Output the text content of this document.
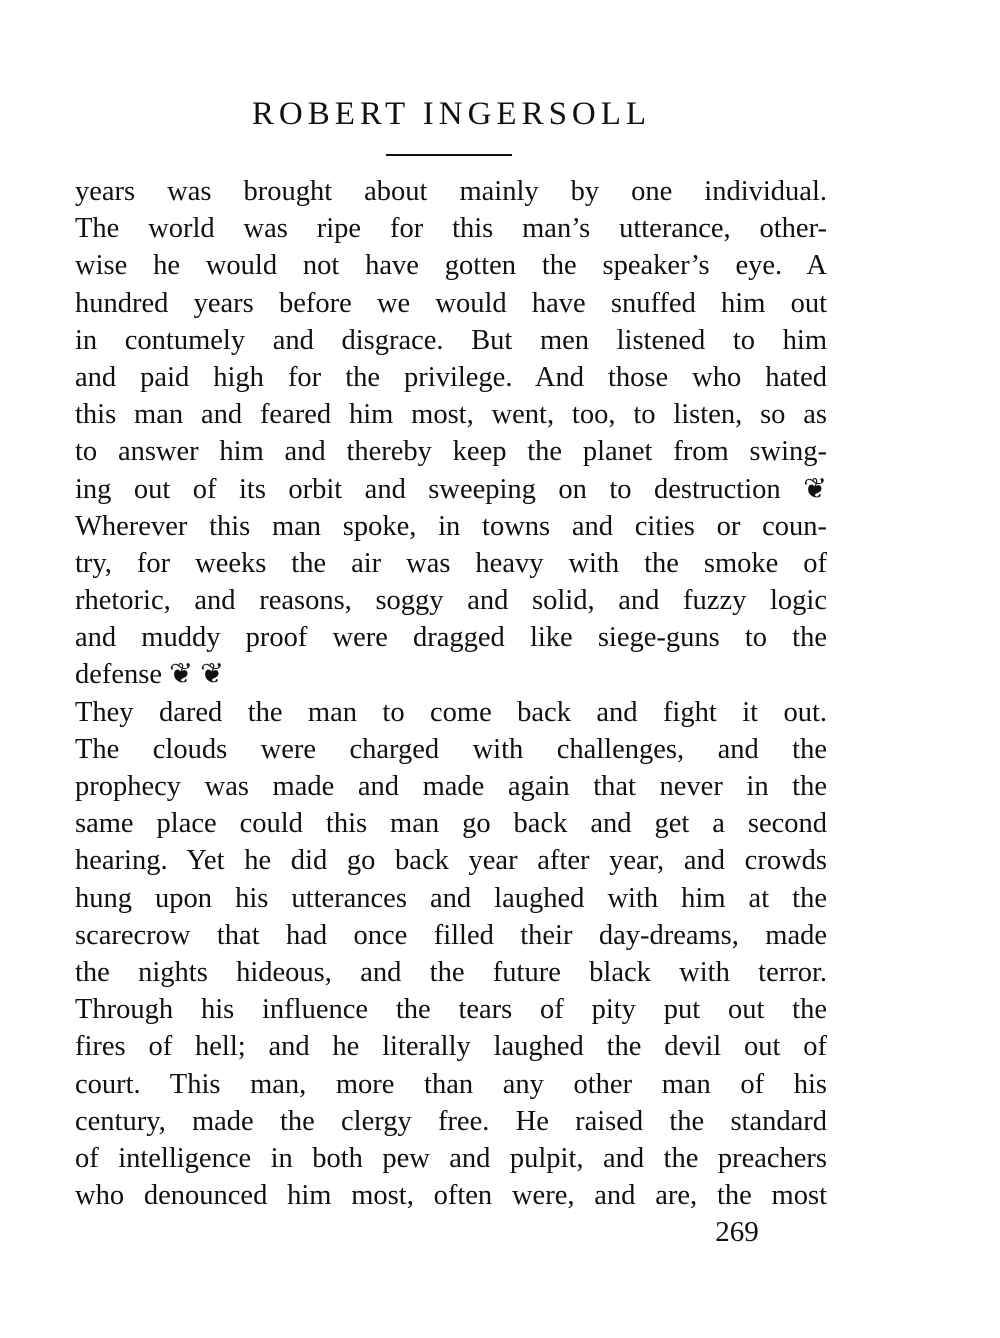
ROBERT INGERSOLL
years was brought about mainly by one individual.
The world was ripe for this man’s utterance, other-
wise he would not have gotten the speaker’s eye. A
hundred years before we would have snuffed him out
in contumely and disgrace. But men listened to him
and paid high for the privilege. And those who hated
this man and feared him most, went, too, to listen, so as
to answer him and thereby keep the planet from swing-
ing out of its orbit and sweeping on to destruction ❦
Wherever this man spoke, in towns and cities or coun-
try, for weeks the air was heavy with the smoke of
rhetoric, and reasons, soggy and solid, and fuzzy logic
and muddy proof were dragged like siege-guns to the
defense ❦ ❦
They dared the man to come back and fight it out.
The clouds were charged with challenges, and the
prophecy was made and made again that never in the
same place could this man go back and get a second
hearing. Yet he did go back year after year, and crowds
hung upon his utterances and laughed with him at the
scarecrow that had once filled their day-dreams, made
the nights hideous, and the future black with terror.
Through his influence the tears of pity put out the
fires of hell; and he literally laughed the devil out of
court. This man, more than any other man of his
century, made the clergy free. He raised the standard
of intelligence in both pew and pulpit, and the preachers
who denounced him most, often were, and are, the most
269
